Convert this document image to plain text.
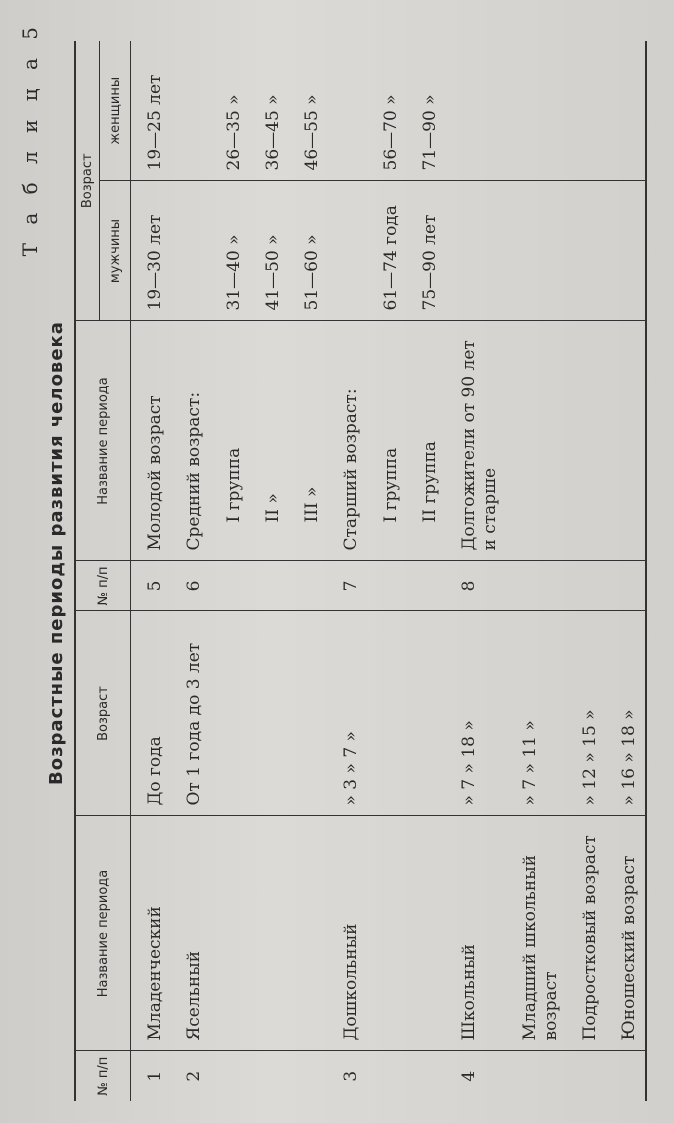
Т а б л и ц а 5
Возрастные периоды развития человека
№ п/п	Название периода	Возраст	№ п/п	Название периода	Возраст	
					мужчины	женщины
1	Младенческий	До года	5	Молодой возраст	19—30 лет	19—25 лет
2	Ясельный	От 1 года до 3 лет	6	Средний возраст:		
				I группа	31—40 »	26—35 »
				II »	41—50 »	36—45 »
				III »	51—60 »	46—55 »
3	Дошкольный	» 3 » 7 »	7	Старший возраст:		
				I группа	61—74 года	56—70 »
				II группа	75—90 лет	71—90 »
4	Школьный	» 7 » 18 »	8	Долгожители от 90 лет и старше		
	Младший школьный возраст	» 7 » 11 »				
	Подростковый возраст	» 12 » 15 »				
	Юношеский возраст	» 16 » 18 »				
